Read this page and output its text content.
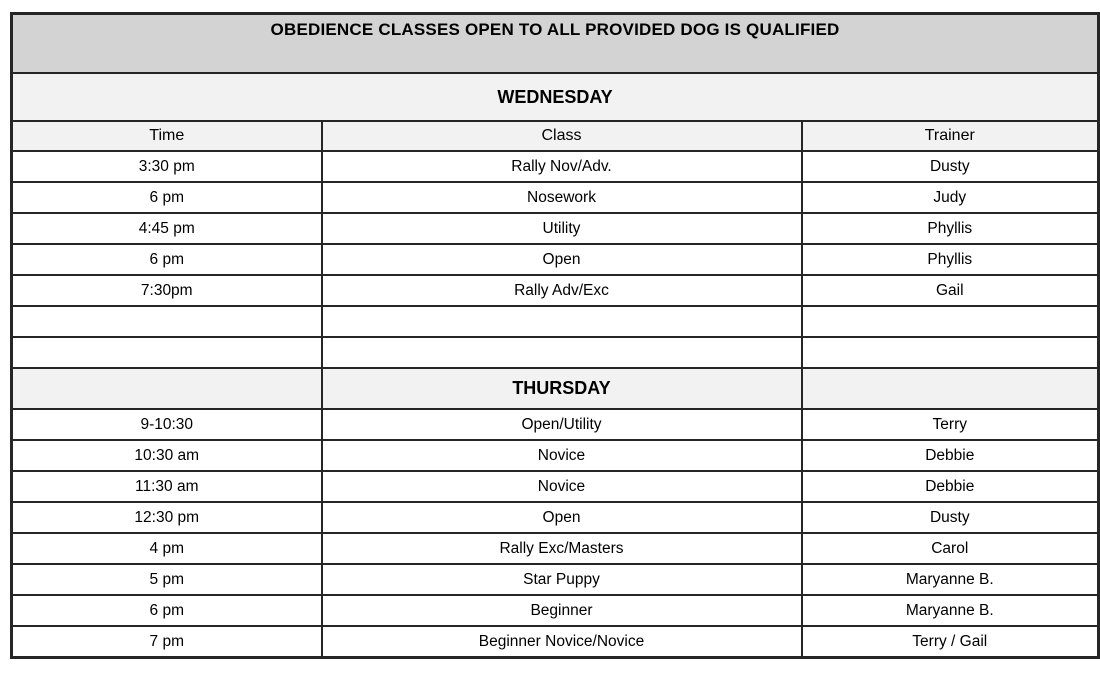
OBEDIENCE CLASSES OPEN TO ALL PROVIDED DOG IS QUALIFIED		
WEDNESDAY		
Time	Class	Trainer
3:30 pm	Rally Nov/Adv.	Dusty
6 pm	Nosework	Judy
4:45 pm	Utility	Phyllis
6 pm	Open	Phyllis
7:30pm	Rally Adv/Exc	Gail

	THURSDAY	
9-10:30	Open/Utility	Terry
10:30 am	Novice	Debbie
11:30 am	Novice	Debbie
12:30 pm	Open	Dusty
4 pm	Rally Exc/Masters	Carol
5 pm	Star Puppy	Maryanne B.
6 pm	Beginner	Maryanne B.
7 pm	Beginner Novice/Novice	Terry / Gail
